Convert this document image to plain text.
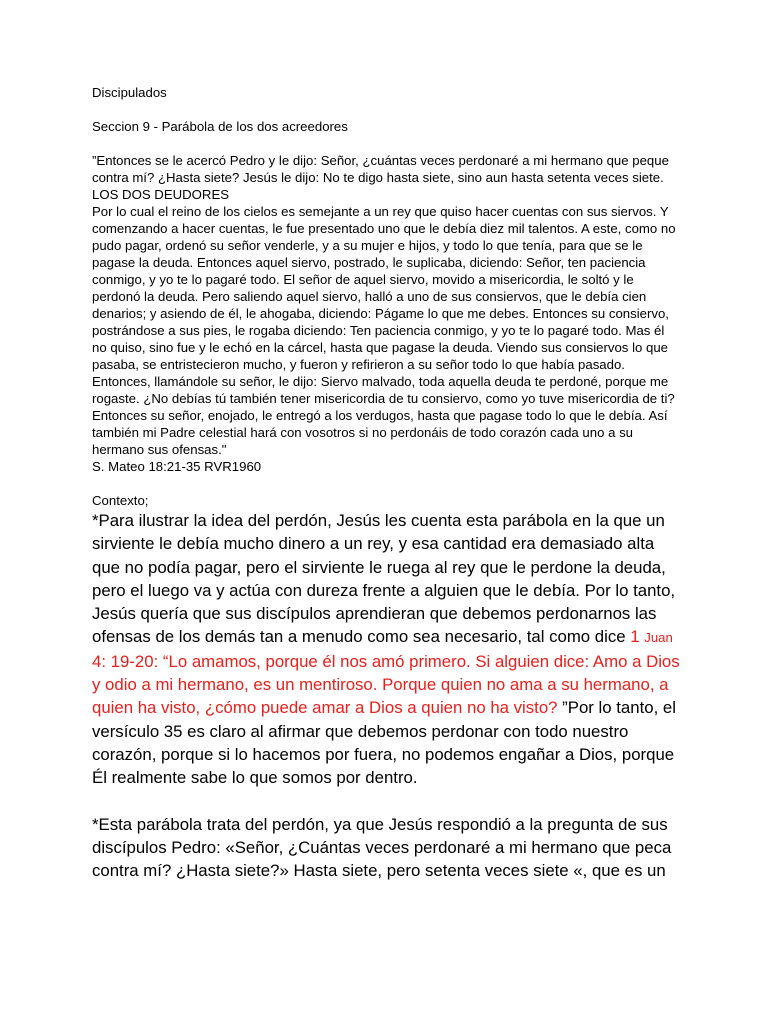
Discipulados

Seccion 9 - Parábola de los dos acreedores

”Entonces se le acercó Pedro y le dijo: Señor, ¿cuántas veces perdonaré a mi hermano que peque contra mí? ¿Hasta siete? Jesús le dijo: No te digo hasta siete, sino aun hasta setenta veces siete.

LOS DOS DEUDORES

Por lo cual el reino de los cielos es semejante a un rey que quiso hacer cuentas con sus siervos. Y comenzando a hacer cuentas, le fue presentado uno que le debía diez mil talentos. A este, como no pudo pagar, ordenó su señor venderle, y a su mujer e hijos, y todo lo que tenía, para que se le pagase la deuda. Entonces aquel siervo, postrado, le suplicaba, diciendo: Señor, ten paciencia conmigo, y yo te lo pagaré todo. El señor de aquel siervo, movido a misericordia, le soltó y le perdonó la deuda. Pero saliendo aquel siervo, halló a uno de sus consiervos, que le debía cien denarios; y asiendo de él, le ahogaba, diciendo: Págame lo que me debes. Entonces su consiervo, postrándose a sus pies, le rogaba diciendo: Ten paciencia conmigo, y yo te lo pagaré todo. Mas él no quiso, sino fue y le echó en la cárcel, hasta que pagase la deuda. Viendo sus consiervos lo que pasaba, se entristecieron mucho, y fueron y refirieron a su señor todo lo que había pasado. Entonces, llamándole su señor, le dijo: Siervo malvado, toda aquella deuda te perdoné, porque me rogaste. ¿No debías tú también tener misericordia de tu consiervo, como yo tuve misericordia de ti? Entonces su señor, enojado, le entregó a los verdugos, hasta que pagase todo lo que le debía. Así también mi Padre celestial hará con vosotros si no perdonáis de todo corazón cada uno a su hermano sus ofensas."

S. Mateo 18:21-35 RVR1960

Contexto;

*Para ilustrar la idea del perdón, Jesús les cuenta esta parábola en la que un sirviente le debía mucho dinero a un rey, y esa cantidad era demasiado alta que no podía pagar, pero el sirviente le ruega al rey que le perdone la deuda, pero el luego va y actúa con dureza frente a alguien que le debía. Por lo tanto, Jesús quería que sus discípulos aprendieran que debemos perdonarnos las ofensas de los demás tan a menudo como sea necesario, tal como dice 1 Juan 4: 19-20: “Lo amamos, porque él nos amó primero. Si alguien dice: Amo a Dios y odio a mi hermano, es un mentiroso. Porque quien no ama a su hermano, a quien ha visto, ¿cómo puede amar a Dios a quien no ha visto? ”Por lo tanto, el versículo 35 es claro al afirmar que debemos perdonar con todo nuestro corazón, porque si lo hacemos por fuera, no podemos engañar a Dios, porque Él realmente sabe lo que somos por dentro.

*Esta parábola trata del perdón, ya que Jesús respondió a la pregunta de sus discípulos Pedro: «Señor, ¿Cuántas veces perdonaré a mi hermano que peca contra mí? ¿Hasta siete?» Hasta siete, pero setenta veces siete «, que es un
